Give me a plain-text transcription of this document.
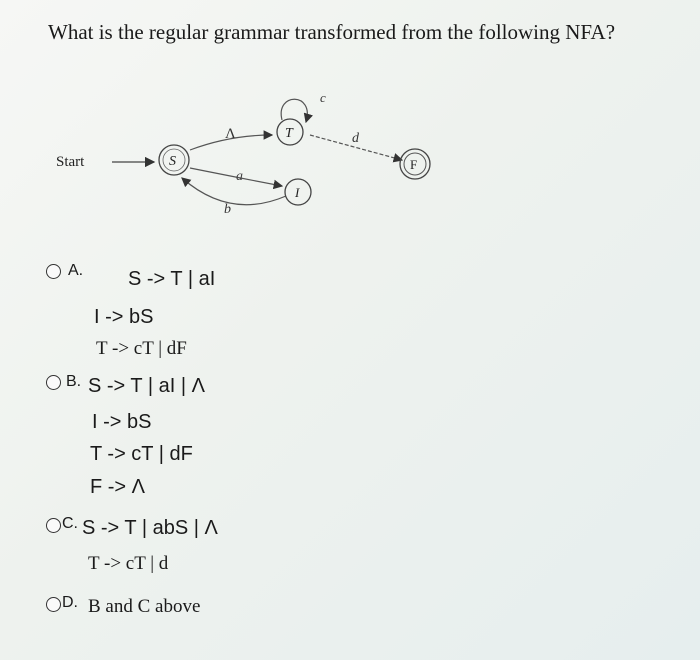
What is the regular grammar transformed from the following NFA?
Start
Λ
a
b
c
d
S
T
I
F
A. S -> T | aI
I -> bS
T -> cT | dF
B. S -> T | aI | Λ
I -> bS
T -> cT | dF
F -> Λ
C. S -> T | abS | Λ
T -> cT | d
D. B and C above
